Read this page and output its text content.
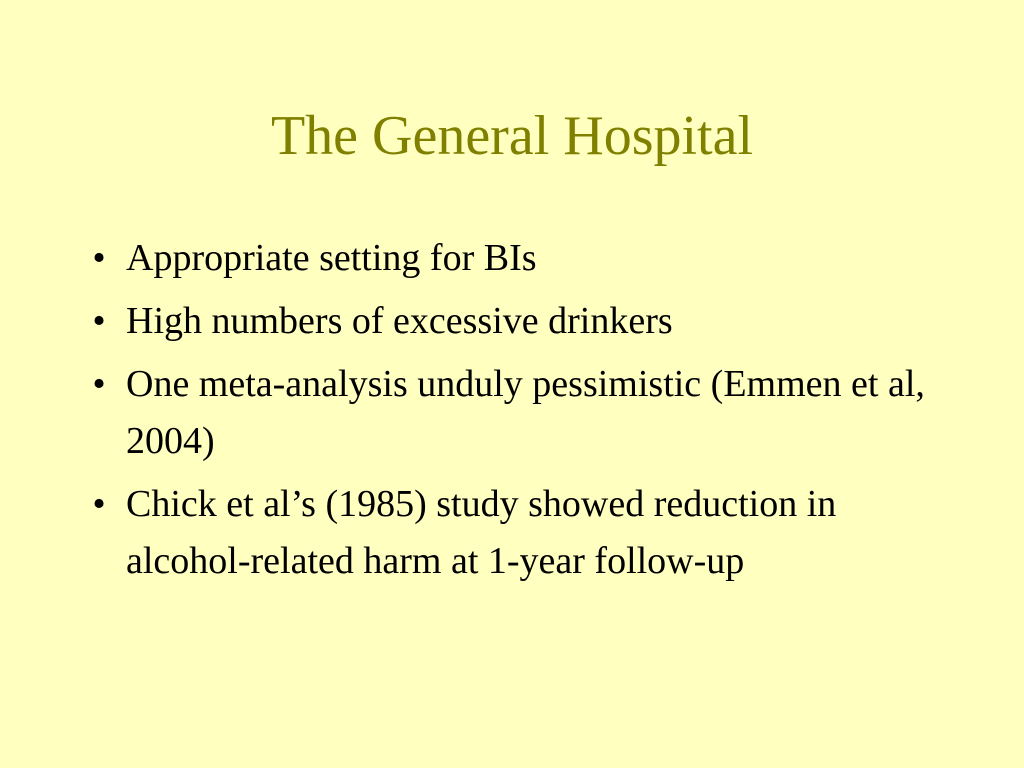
The General Hospital
• Appropriate setting for BIs
• High numbers of excessive drinkers
• One meta-analysis unduly pessimistic (Emmen et al, 2004)
• Chick et al’s (1985) study showed reduction in alcohol-related harm at 1-year follow-up
